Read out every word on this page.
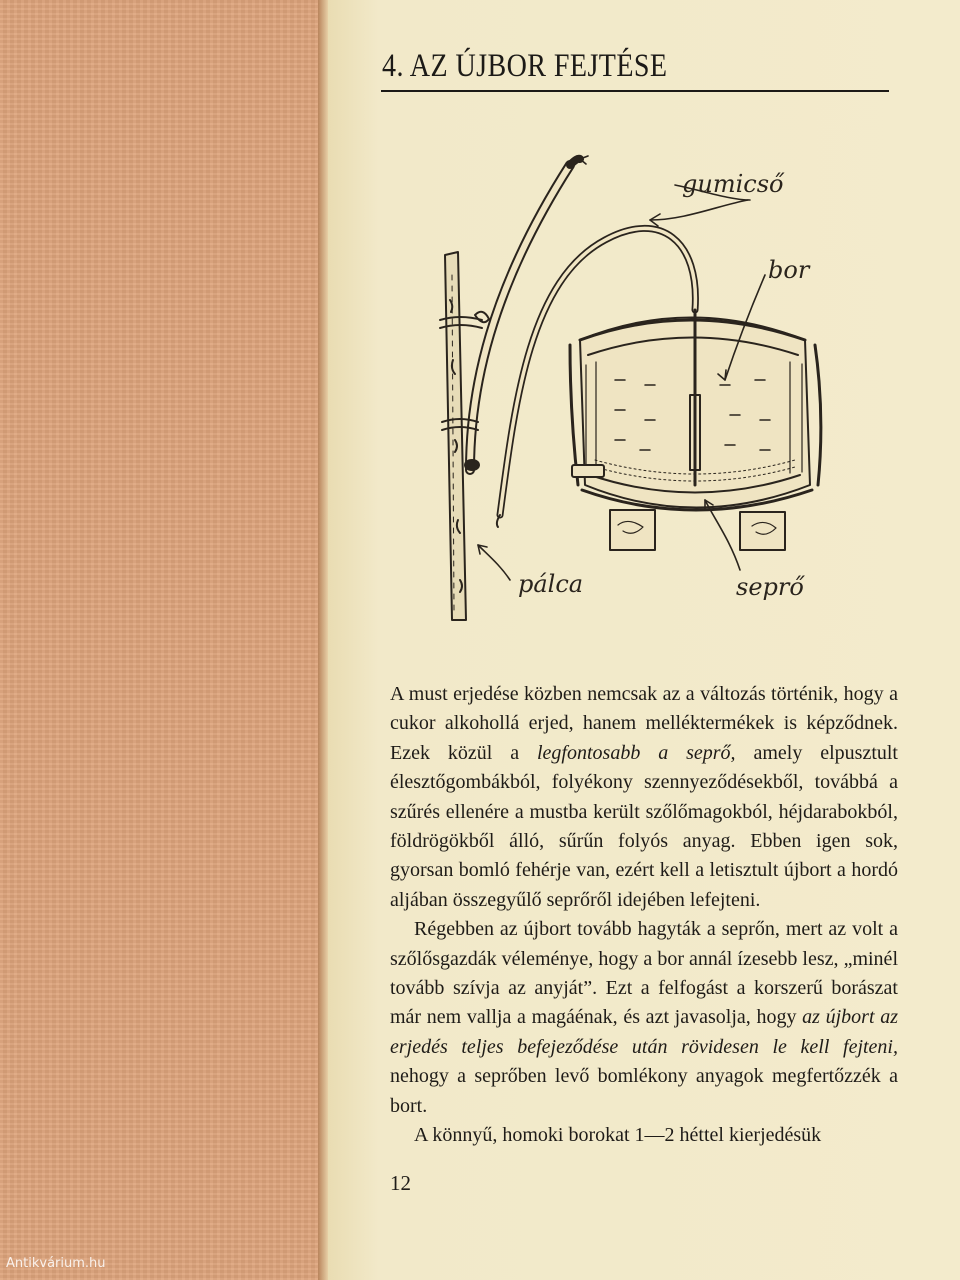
4. AZ ÚJBOR FEJTÉSE
gumicső
bor
pálca	seprő

A must erjedése közben nemcsak az a változás történik, hogy a cukor alkohollá erjed, hanem melléktermékek is képződnek. Ezek közül a legfontosabb a seprő, amely elpusztult élesztőgombákból, folyékony szennyeződésekből, továbbá a szűrés ellenére a mustba került szőlőmagokból, héjdarabokból, földrögökből álló, sűrűn folyós anyag. Ebben igen sok, gyorsan bomló fehérje van, ezért kell a letisztult újbort a hordó aljában összegyűlő seprőről idejében lefejteni.

Régebben az újbort tovább hagyták a seprőn, mert az volt a szőlősgazdák véleménye, hogy a bor annál ízesebb lesz, „minél tovább szívja az anyját”. Ezt a felfogást a korszerű borászat már nem vallja a magáénak, és azt javasolja, hogy az újbort az erjedés teljes befejeződése után rövidesen le kell fejteni, nehogy a seprőben levő bomlékony anyagok megfertőzzék a bort.

A könnyű, homoki borokat 1—2 héttel kierjedésük

12
Antikvárium.hu
